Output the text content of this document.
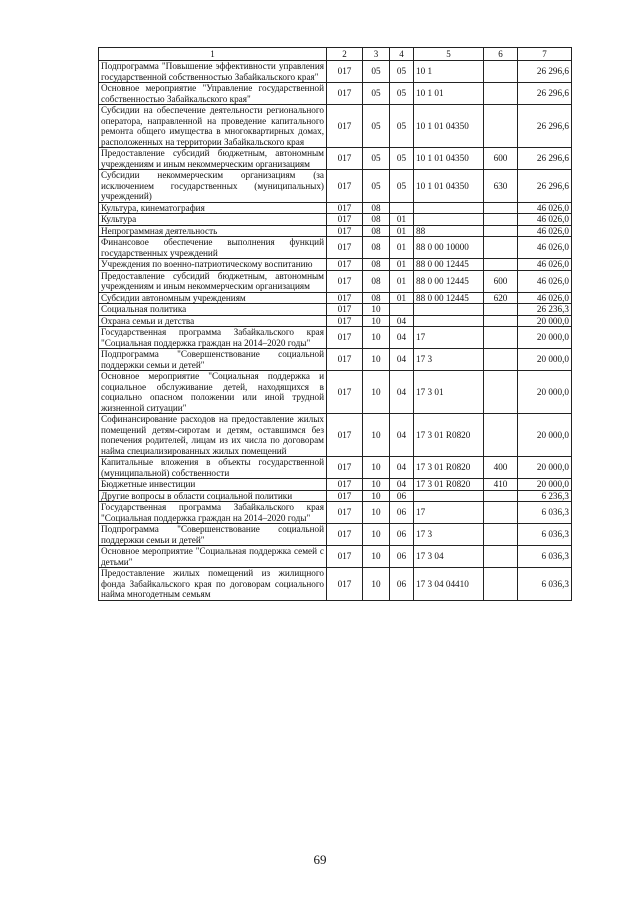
1	2	3	4	5	6	7
Подпрограмма "Повышение эффективности управления государственной собственностью Забайкальского края"	017	05	05	10 1		26 296,6
Основное мероприятие "Управление государственной собственностью Забайкальского края"	017	05	05	10 1 01		26 296,6
Субсидии на обеспечение деятельности регионального оператора, направленной на проведение капитального ремонта общего имущества в многоквартирных домах, расположенных на территории Забайкальского края	017	05	05	10 1 01 04350		26 296,6
Предоставление субсидий бюджетным, автономным учреждениям и иным некоммерческим организациям	017	05	05	10 1 01 04350	600	26 296,6
Субсидии некоммерческим организациям (за исключением государственных (муниципальных) учреждений)	017	05	05	10 1 01 04350	630	26 296,6
Культура, кинематография	017	08				46 026,0
Культура	017	08	01			46 026,0
Непрограммная деятельность	017	08	01	88		46 026,0
Финансовое обеспечение выполнения функций государственных учреждений	017	08	01	88 0 00 10000		46 026,0
Учреждения по военно-патриотическому воспитанию	017	08	01	88 0 00 12445		46 026,0
Предоставление субсидий бюджетным, автономным учреждениям и иным некоммерческим организациям	017	08	01	88 0 00 12445	600	46 026,0
Субсидии автономным учреждениям	017	08	01	88 0 00 12445	620	46 026,0
Социальная политика	017	10				26 236,3
Охрана семьи и детства	017	10	04			20 000,0
Государственная программа Забайкальского края "Социальная поддержка граждан на 2014–2020 годы"	017	10	04	17		20 000,0
Подпрограмма "Совершенствование социальной поддержки семьи и детей"	017	10	04	17 3		20 000,0
Основное мероприятие "Социальная поддержка и социальное обслуживание детей, находящихся в социально опасном положении или иной трудной жизненной ситуации"	017	10	04	17 3 01		20 000,0
Софинансирование расходов на предоставление жилых помещений детям-сиротам и детям, оставшимся без попечения родителей, лицам из их числа по договорам найма специализированных жилых помещений	017	10	04	17 3 01 R0820		20 000,0
Капитальные вложения в объекты государственной (муниципальной) собственности	017	10	04	17 3 01 R0820	400	20 000,0
Бюджетные инвестиции	017	10	04	17 3 01 R0820	410	20 000,0
Другие вопросы в области социальной политики	017	10	06			6 236,3
Государственная программа Забайкальского края "Социальная поддержка граждан на 2014–2020 годы"	017	10	06	17		6 036,3
Подпрограмма "Совершенствование социальной поддержки семьи и детей"	017	10	06	17 3		6 036,3
Основное мероприятие "Социальная поддержка семей с детьми"	017	10	06	17 3 04		6 036,3
Предоставление жилых помещений из жилищного фонда Забайкальского края по договорам социального найма многодетным семьям	017	10	06	17 3 04 04410		6 036,3
69
